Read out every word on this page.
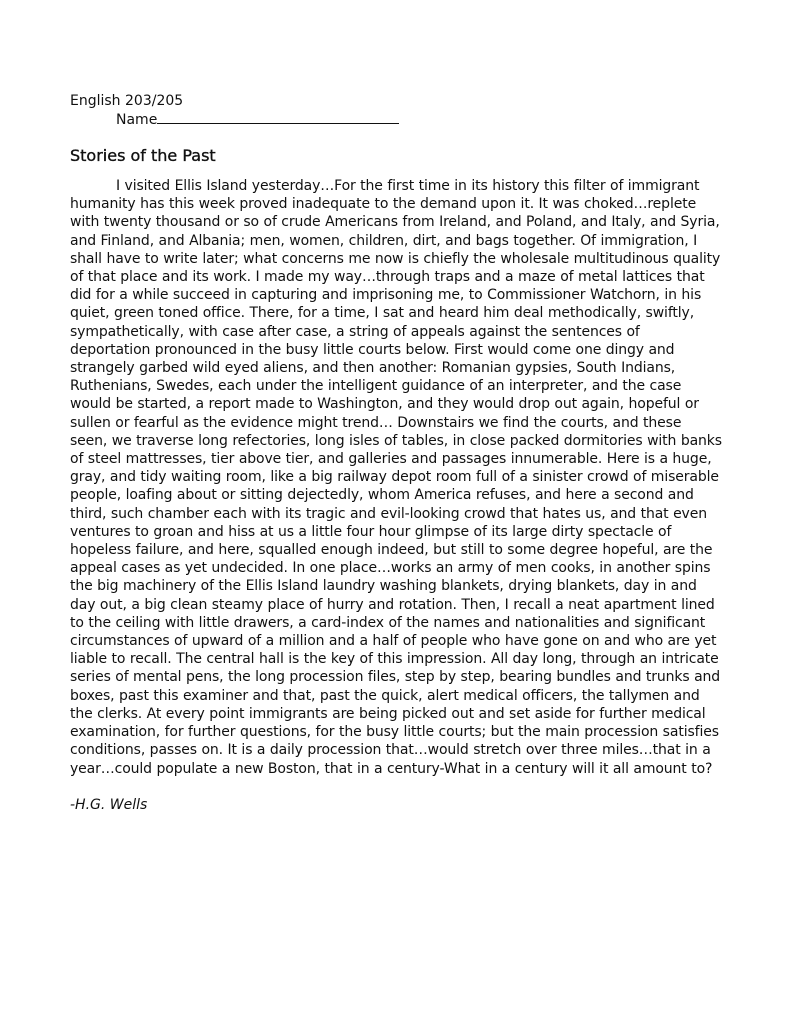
English 203/205

Name

Stories of the Past

I visited Ellis Island yesterday…For the first time in its history this filter of immigrant humanity has this week proved inadequate to the demand upon it. It was choked…replete with twenty thousand or so of crude Americans from Ireland, and Poland, and Italy, and Syria, and Finland, and Albania; men, women, children, dirt, and bags together. Of immigration, I shall have to write later; what concerns me now is chiefly the wholesale multitudinous quality of that place and its work. I made my way…through traps and a maze of metal lattices that did for a while succeed in capturing and imprisoning me, to Commissioner Watchorn, in his quiet, green toned office. There, for a time, I sat and heard him deal methodically, swiftly, sympathetically, with case after case, a string of appeals against the sentences of deportation pronounced in the busy little courts below. First would come one dingy and strangely garbed wild eyed aliens, and then another: Romanian gypsies, South Indians, Ruthenians, Swedes, each under the intelligent guidance of an interpreter, and the case would be started, a report made to Washington, and they would drop out again, hopeful or sullen or fearful as the evidence might trend… Downstairs we find the courts, and these seen, we traverse long refectories, long isles of tables, in close packed dormitories with banks of steel mattresses, tier above tier, and galleries and passages innumerable. Here is a huge, gray, and tidy waiting room, like a big railway depot room full of a sinister crowd of miserable people, loafing about or sitting dejectedly, whom America refuses, and here a second and third, such chamber each with its tragic and evil-looking crowd that hates us, and that even ventures to groan and hiss at us a little four hour glimpse of its large dirty spectacle of hopeless failure, and here, squalled enough indeed, but still to some degree hopeful, are the appeal cases as yet undecided. In one place…works an army of men cooks, in another spins the big machinery of the Ellis Island laundry washing blankets, drying blankets, day in and day out, a big clean steamy place of hurry and rotation. Then, I recall a neat apartment lined to the ceiling with little drawers, a card-index of the names and nationalities and significant circumstances of upward of a million and a half of people who have gone on and who are yet liable to recall. The central hall is the key of this impression. All day long, through an intricate series of mental pens, the long procession files, step by step, bearing bundles and trunks and boxes, past this examiner and that, past the quick, alert medical officers, the tallymen and the clerks. At every point immigrants are being picked out and set aside for further medical examination, for further questions, for the busy little courts; but the main procession satisfies conditions, passes on. It is a daily procession that…would stretch over three miles…that in a year…could populate a new Boston, that in a century-What in a century will it all amount to?

-H.G. Wells
